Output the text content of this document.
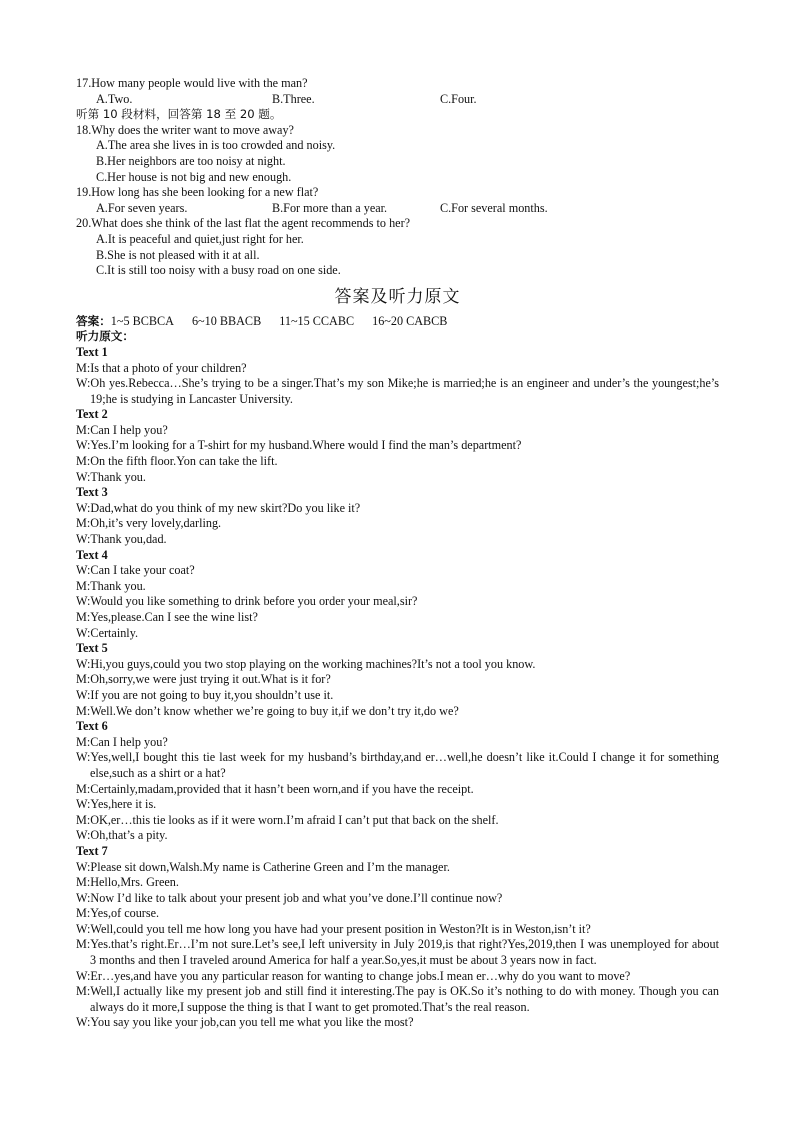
17.How many people would live with the man?
A.Two.	B.Three.	C.Four.
听第 10 段材料，回答第 18 至 20 题。
18.Why does the writer want to move away?
A.The area she lives in is too crowded and noisy.
B.Her neighbors are too noisy at night.
C.Her house is not big and new enough.
19.How long has she been looking for a new flat?
A.For seven years.	B.For more than a year.	C.For several months.
20.What does she think of the last flat the agent recommends to her?
A.It is peaceful and quiet,just right for her.
B.She is not pleased with it at all.
C.It is still too noisy with a busy road on one side.
答案及听力原文
答案： 1~5 BCBCA 6~10 BBACB 11~15 CCABC 16~20 CABCB
听力原文：
Text 1
M:Is that a photo of your children?
W:Oh yes.Rebecca…She’s trying to be a singer.That’s my son Mike;he is married;he is an engineer and under’s the youngest;he’s 19;he is studying in Lancaster University.
Text 2
M:Can I help you?
W:Yes.I’m looking for a T-shirt for my husband.Where would I find the man’s department?
M:On the fifth floor.Yon can take the lift.
W:Thank you.
Text 3
W:Dad,what do you think of my new skirt?Do you like it?
M:Oh,it’s very lovely,darling.
W:Thank you,dad.
Text 4
W:Can I take your coat?
M:Thank you.
W:Would you like something to drink before you order your meal,sir?
M:Yes,please.Can I see the wine list?
W:Certainly.
Text 5
W:Hi,you guys,could you two stop playing on the working machines?It’s not a tool you know.
M:Oh,sorry,we were just trying it out.What is it for?
W:If you are not going to buy it,you shouldn’t use it.
M:Well.We don’t know whether we’re going to buy it,if we don’t try it,do we?
Text 6
M:Can I help you?
W:Yes,well,I bought this tie last week for my husband’s birthday,and er…well,he doesn’t like it.Could I change it for something else,such as a shirt or a hat?
M:Certainly,madam,provided that it hasn’t been worn,and if you have the receipt.
W:Yes,here it is.
M:OK,er…this tie looks as if it were worn.I’m afraid I can’t put that back on the shelf.
W:Oh,that’s a pity.
Text 7
W:Please sit down,Walsh.My name is Catherine Green and I’m the manager.
M:Hello,Mrs. Green.
W:Now I’d like to talk about your present job and what you’ve done.I’ll continue now?
M:Yes,of course.
W:Well,could you tell me how long you have had your present position in Weston?It is in Weston,isn’t it?
M:Yes.that’s right.Er…I’m not sure.Let’s see,I left university in July 2019,is that right?Yes,2019,then I was unemployed for about 3 months and then I traveled around America for half a year.So,yes,it must be about 3 years now in fact.
W:Er…yes,and have you any particular reason for wanting to change jobs.I mean er…why do you want to move?
M:Well,I actually like my present job and still find it interesting.The pay is OK.So it’s nothing to do with money. Though you can always do it more,I suppose the thing is that I want to get promoted.That’s the real reason.
W:You say you like your job,can you tell me what you like the most?
